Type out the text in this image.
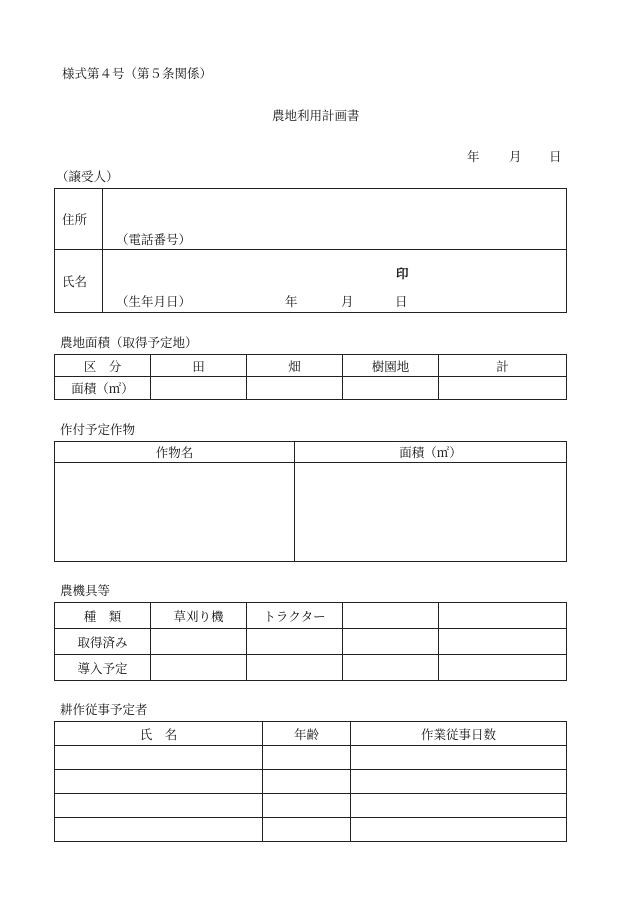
様式第４号（第５条関係）
農地利用計画書
年 月 日
（譲受人）
住所	（電話番号）

氏名	印
（生年月日） 年 月 日
農地面積（取得予定地）
区　分	田	畑	樹園地	計
面積（㎡）				
作付予定作物
作物名	面積（㎡）

農機具等
種　類	草刈り機	トラクター		
取得済み				
導入予定				
耕作従事予定者
氏　名	年齢	作業従事日数
